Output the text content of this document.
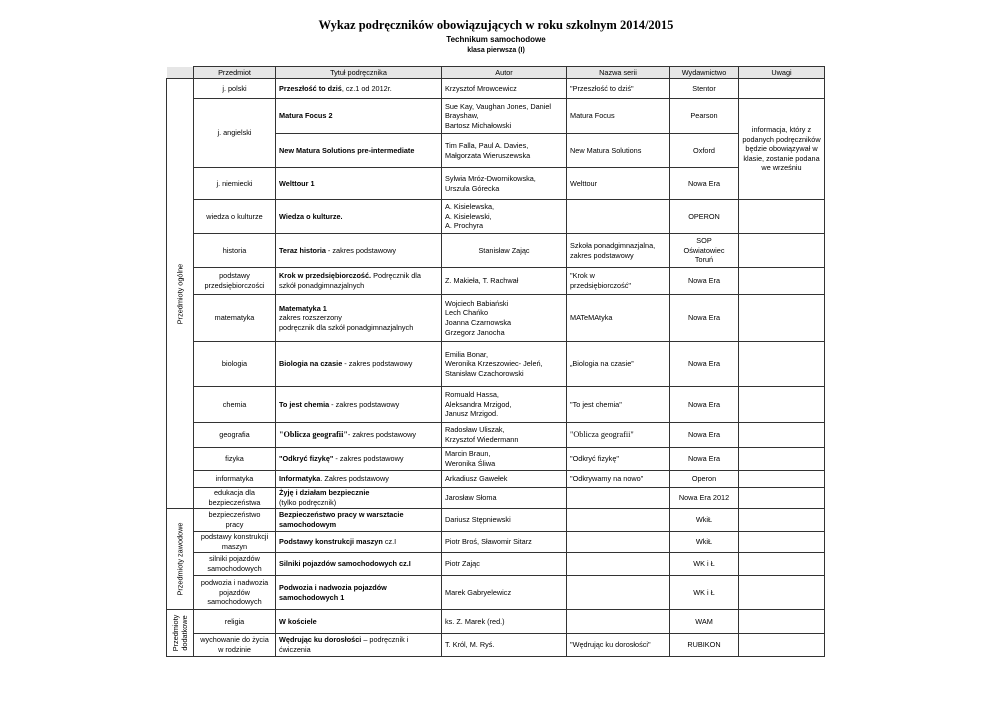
Wykaz podręczników obowiązujących w roku szkolnym 2014/2015
Technikum samochodowe
klasa pierwsza (I)
	Przedmiot	Tytuł podręcznika	Autor	Nazwa serii	Wydawnictwo	Uwagi

Przedmioty ogólne	j. polski	Przeszłość to dziś, cz.1 od 2012r.	Krzysztof Mrowcewicz	"Przeszłość to dziś"	Stentor	
	j. angielski	Matura Focus 2	Sue Kay, Vaughan Jones, Daniel Brayshaw,
Bartosz Michałowski	Matura Focus	Pearson	informacja, który z podanych podręczników będzie obowiązywał w klasie, zostanie podana we wrześniu
		New Matura Solutions pre-intermediate	Tim Falla, Paul A. Davies,
Małgorzata Wieruszewska	New Matura Solutions	Oxford	
	j. niemiecki	Welttour 1	Sylwia Mróz-Dwornikowska,
Urszula Górecka	Welttour	Nowa Era	
	wiedza o kulturze	Wiedza o kulturze.	A. Kisielewska,
A. Kisielewski,
A. Prochyra		OPERON	
	historia	Teraz historia - zakres podstawowy	Stanisław Zając	Szkoła ponadgimnazjalna,
zakres podstawowy	SOP
Oświatowiec
Toruń	
	podstawy
przedsiębiorczości	Krok w przedsiębiorczość. Podręcznik dla szkół ponadgimnazjalnych	Z. Makieła, T. Rachwał	"Krok w
przedsiębiorczość"	Nowa Era	
	matematyka	Matematyka 1
zakres rozszerzony
podręcznik dla szkół ponadgimnazjalnych	Wojciech Babiański
Lech Chańko
Joanna Czarnowska
Grzegorz Janocha	MATeMAtyka	Nowa Era	
	biologia	Biologia na czasie - zakres podstawowy	Emilia Bonar,
Weronika Krzeszowiec- Jeleń,
Stanisław Czachorowski	„Biologia na czasie”	Nowa Era	
	chemia	To jest chemia - zakres podstawowy	Romuald Hassa,
Aleksandra Mrzigod,
Janusz Mrzigod.	"To jest chemia"	Nowa Era	
	geografia	"Oblicza geografii"- zakres podstawowy	Radosław Uliszak,
Krzysztof Wiedermann	"Oblicza geografii"	Nowa Era	
	fizyka	"Odkryć fizykę" - zakres podstawowy	Marcin Braun,
Weronika Śliwa	"Odkryć fizykę"	Nowa Era	
	informatyka	Informatyka. Zakres podstawowy	Arkadiusz Gawełek	"Odkrywamy na nowo"	Operon	
	edukacja dla
bezpieczeństwa	Żyję i działam bezpiecznie
(tylko podręcznik)	Jarosław Słoma		Nowa Era 2012	

Przedmioty zawodowe	bezpieczeństwo
pracy	Bezpieczeństwo pracy w warsztacie samochodowym	Dariusz Stępniewski		WkiŁ	
	podstawy konstrukcji
maszyn	Podstawy konstrukcji maszyn cz.I	Piotr Broś, Sławomir Sitarz		WkiŁ	
	silniki pojazdów
samochodowych	Silniki pojazdów samochodowych cz.I	Piotr Zając		WK i Ł	
	podwozia i nadwozia
pojazdów
samochodowych	Podwozia i nadwozia pojazdów samochodowych 1	Marek Gabryelewicz		WK i Ł	

Przedmioty
dodatkowe	religia	W kościele	ks. Z. Marek (red.)		WAM	
	wychowanie do życia
w rodzinie	Wędrując ku dorosłości – podręcznik i ćwiczenia	T. Król, M. Ryś.	"Wędrując ku dorosłości"	RUBIKON	
